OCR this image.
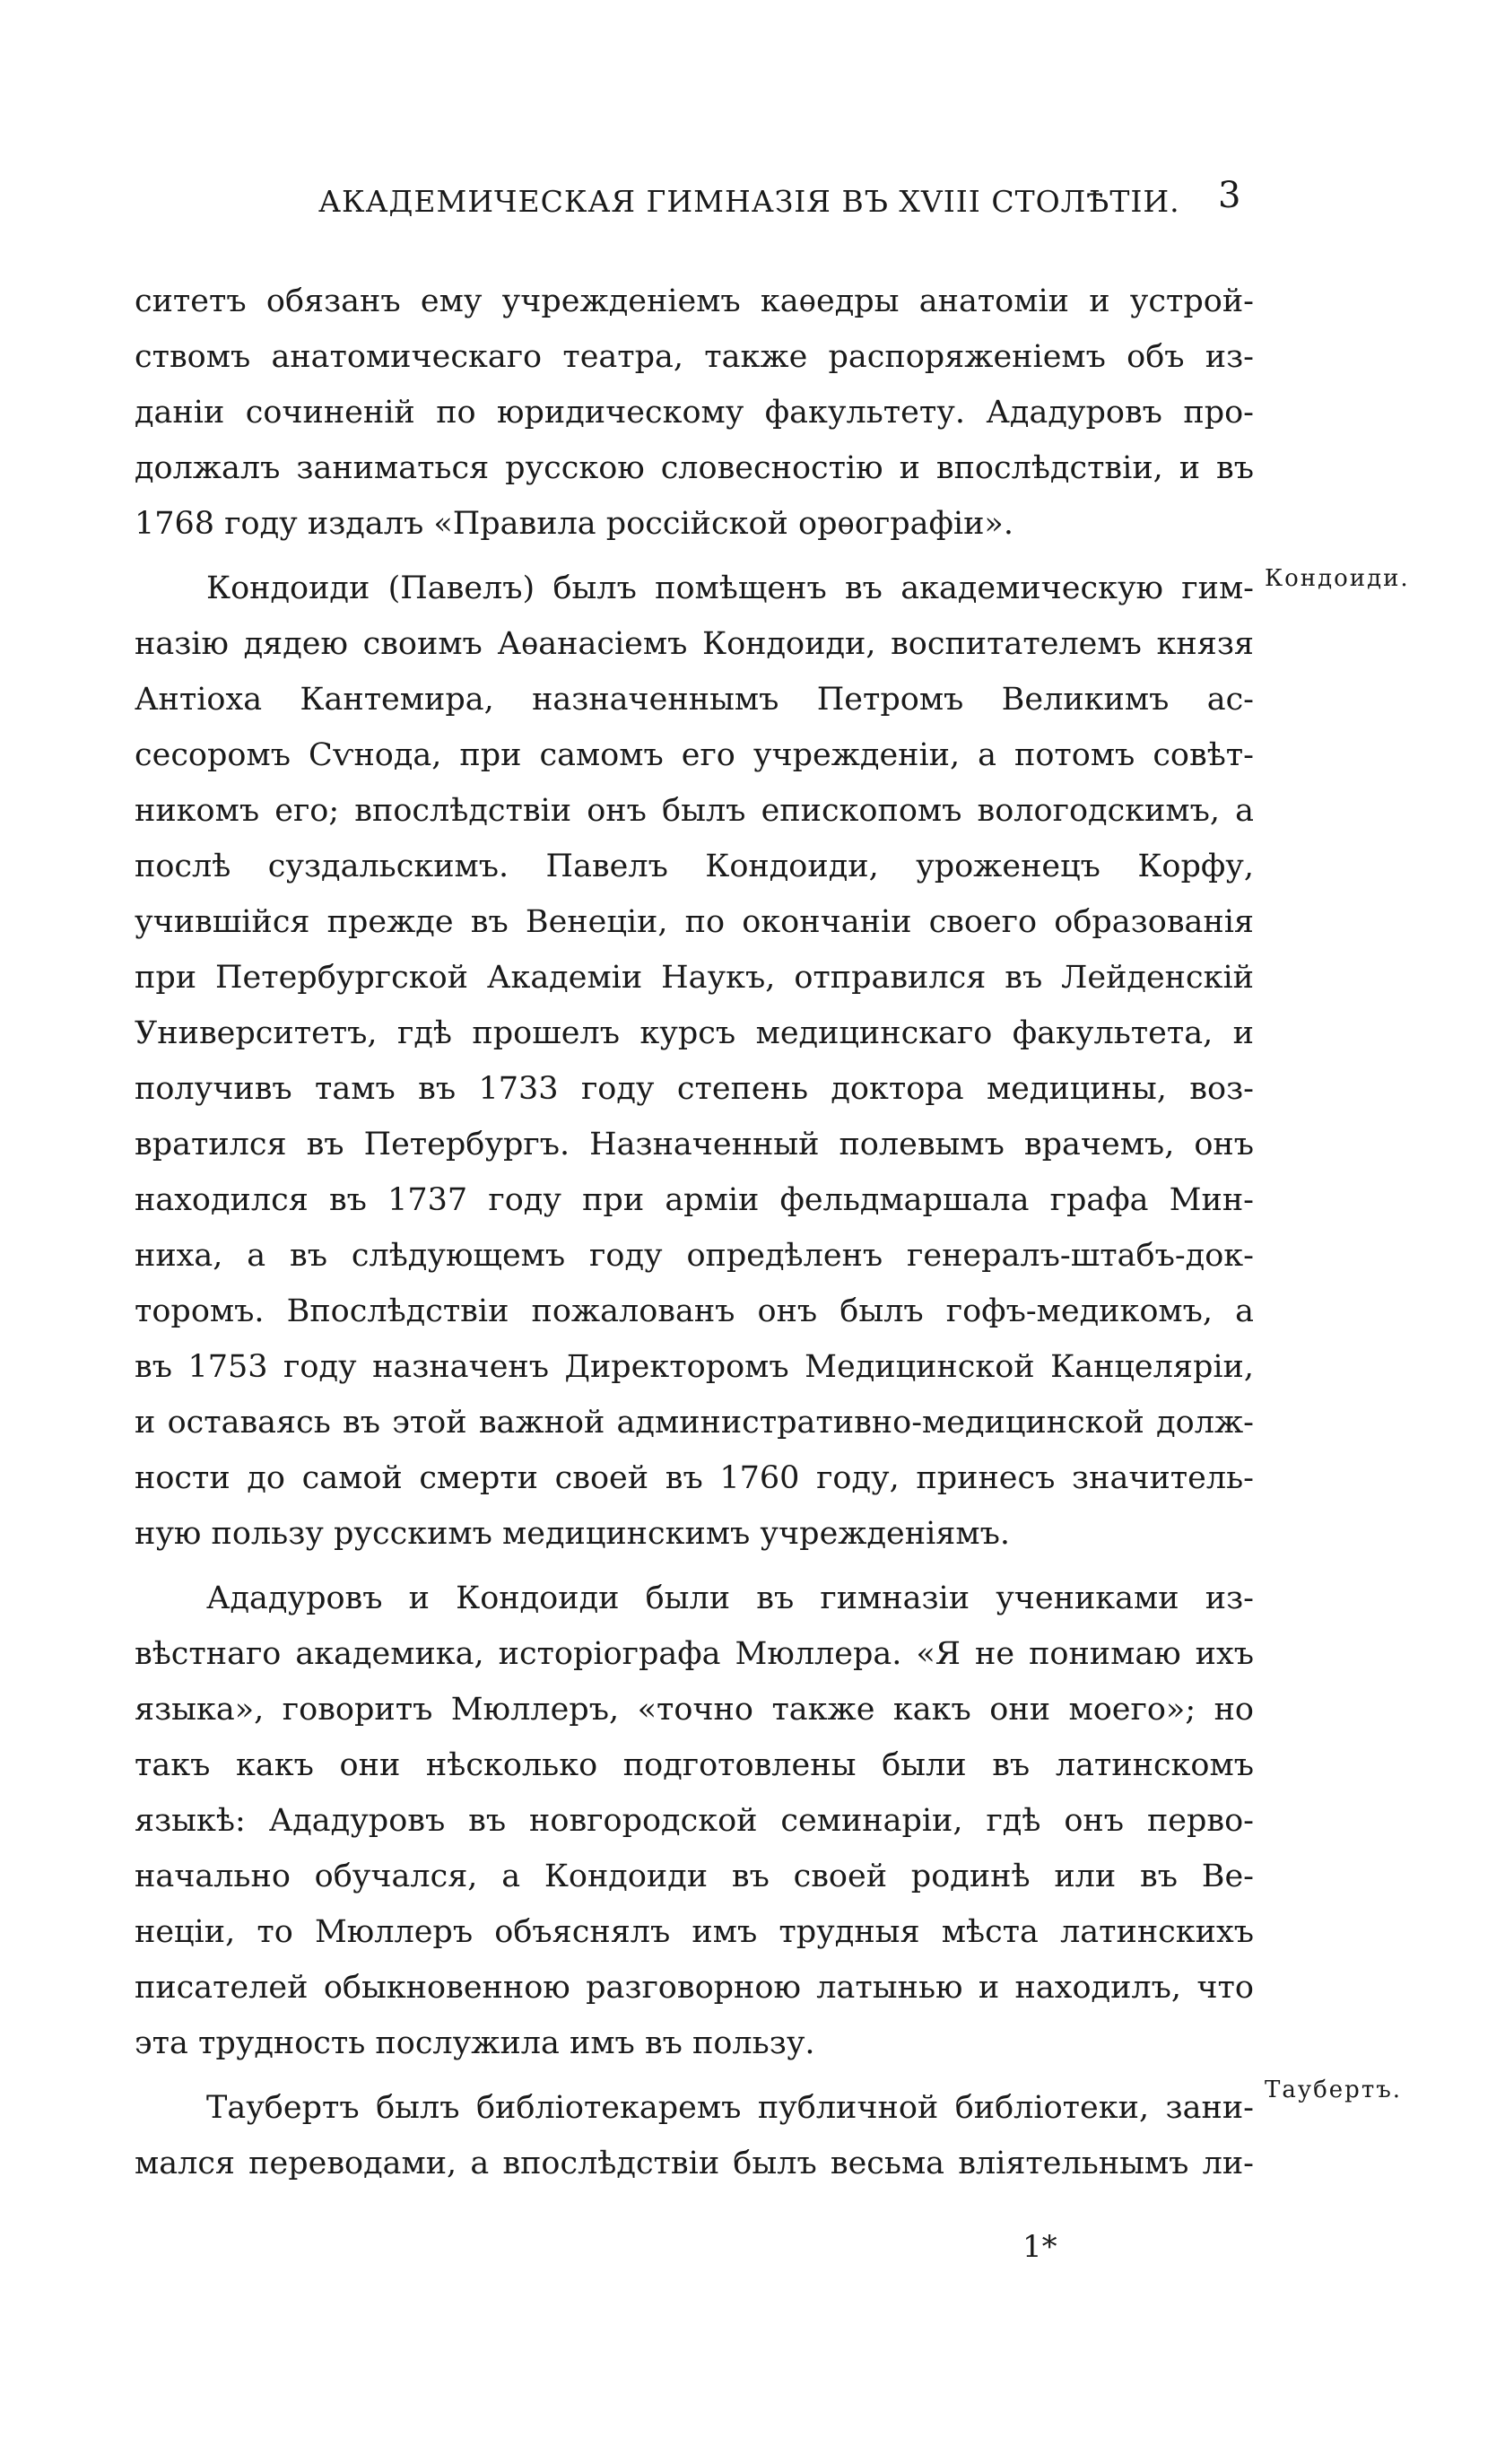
АКАДЕМИЧЕСКАЯ ГИМНАЗІЯ ВЪ XVIII СТОЛѢТІИ. 3
ситетъ обязанъ ему учрежденіемъ каѳедры анатоміи и устрой-
ствомъ анатомическаго театра, также распоряженіемъ объ из-
даніи сочиненій по юридическому факультету. Ададуровъ про-
должалъ заниматься русскою словесностію и впослѣдствіи, и въ
1768 году издалъ «Правила россійской орѳографіи».
Кондоиди (Павелъ) былъ помѣщенъ въ академическую гим-
назію дядею своимъ Аѳанасіемъ Кондоиди, воспитателемъ князя
Антіоха Кантемира, назначеннымъ Петромъ Великимъ ас-
сесоромъ Сѵнода, при самомъ его учрежденіи, а потомъ совѣт-
никомъ его; впослѣдствіи онъ былъ епископомъ вологодскимъ, а
послѣ суздальскимъ. Павелъ Кондоиди, уроженецъ Корфу,
учившійся прежде въ Венеціи, по окончаніи своего образованія
при Петербургской Академіи Наукъ, отправился въ Лейденскій
Университетъ, гдѣ прошелъ курсъ медицинскаго факультета, и
получивъ тамъ въ 1733 году степень доктора медицины, воз-
вратился въ Петербургъ. Назначенный полевымъ врачемъ, онъ
находился въ 1737 году при арміи фельдмаршала графа Мин-
ниха, а въ слѣдующемъ году опредѣленъ генералъ-штабъ-док-
торомъ. Впослѣдствіи пожалованъ онъ былъ гофъ-медикомъ, а
въ 1753 году назначенъ Директоромъ Медицинской Канцеляріи,
и оставаясь въ этой важной административно-медицинской долж-
ности до самой смерти своей въ 1760 году, принесъ значитель-
ную пользу русскимъ медицинскимъ учрежденіямъ.
Ададуровъ и Кондоиди были въ гимназіи учениками из-
вѣстнаго академика, исторіографа Мюллера. «Я не понимаю ихъ
языка», говоритъ Мюллеръ, «точно также какъ они моего»; но
такъ какъ они нѣсколько подготовлены были въ латинскомъ
языкѣ: Ададуровъ въ новгородской семинаріи, гдѣ онъ перво-
начально обучался, а Кондоиди въ своей родинѣ или въ Ве-
неціи, то Мюллеръ объяснялъ имъ трудныя мѣста латинскихъ
писателей обыкновенною разговорною латынью и находилъ, что
эта трудность послужила имъ въ пользу.
Таубертъ былъ библіотекаремъ публичной библіотеки, зани-
мался переводами, а впослѣдствіи былъ весьма вліятельнымъ ли-
Кондоиди.
Таубертъ.
1*
